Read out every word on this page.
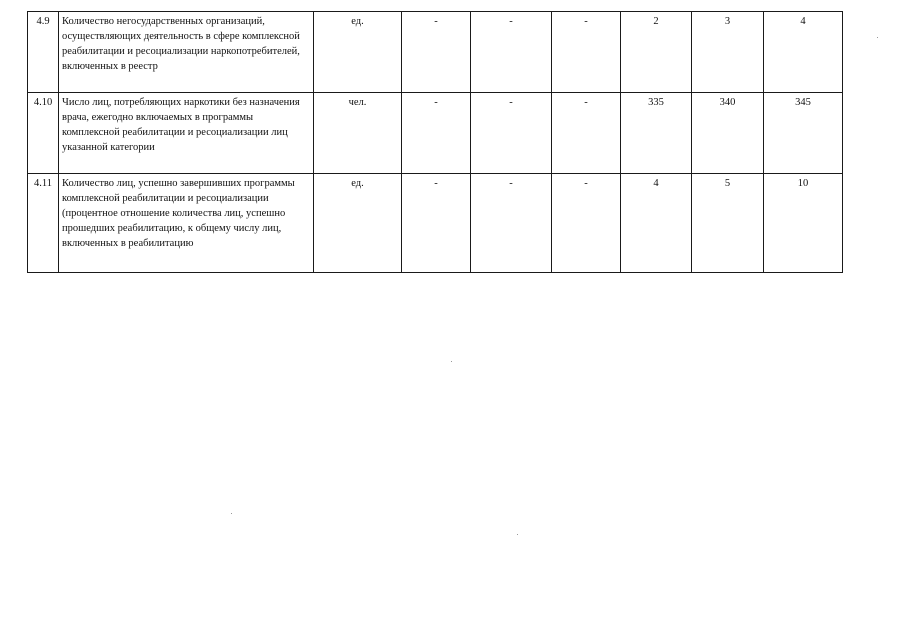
4.9	Количество негосударственных организаций, осуществляющих деятельность в сфере комплексной реабилитации и ресоциализации наркопотребителей, включенных в реестр	ед.	-	-	-	2	3	4
4.10	Число лиц, потребляющих наркотики без назначения врача, ежегодно включаемых в программы комплексной реабилитации и ресоциализации лиц указанной категории	чел.	-	-	-	335	340	345
4.11	Количество лиц, успешно завершивших программы комплексной реабилитации и ресоциализации (процентное отношение количества лиц, успешно прошедших реабилитацию, к общему числу лиц, включенных в реабилитацию	ед.	-	-	-	4	5	10
